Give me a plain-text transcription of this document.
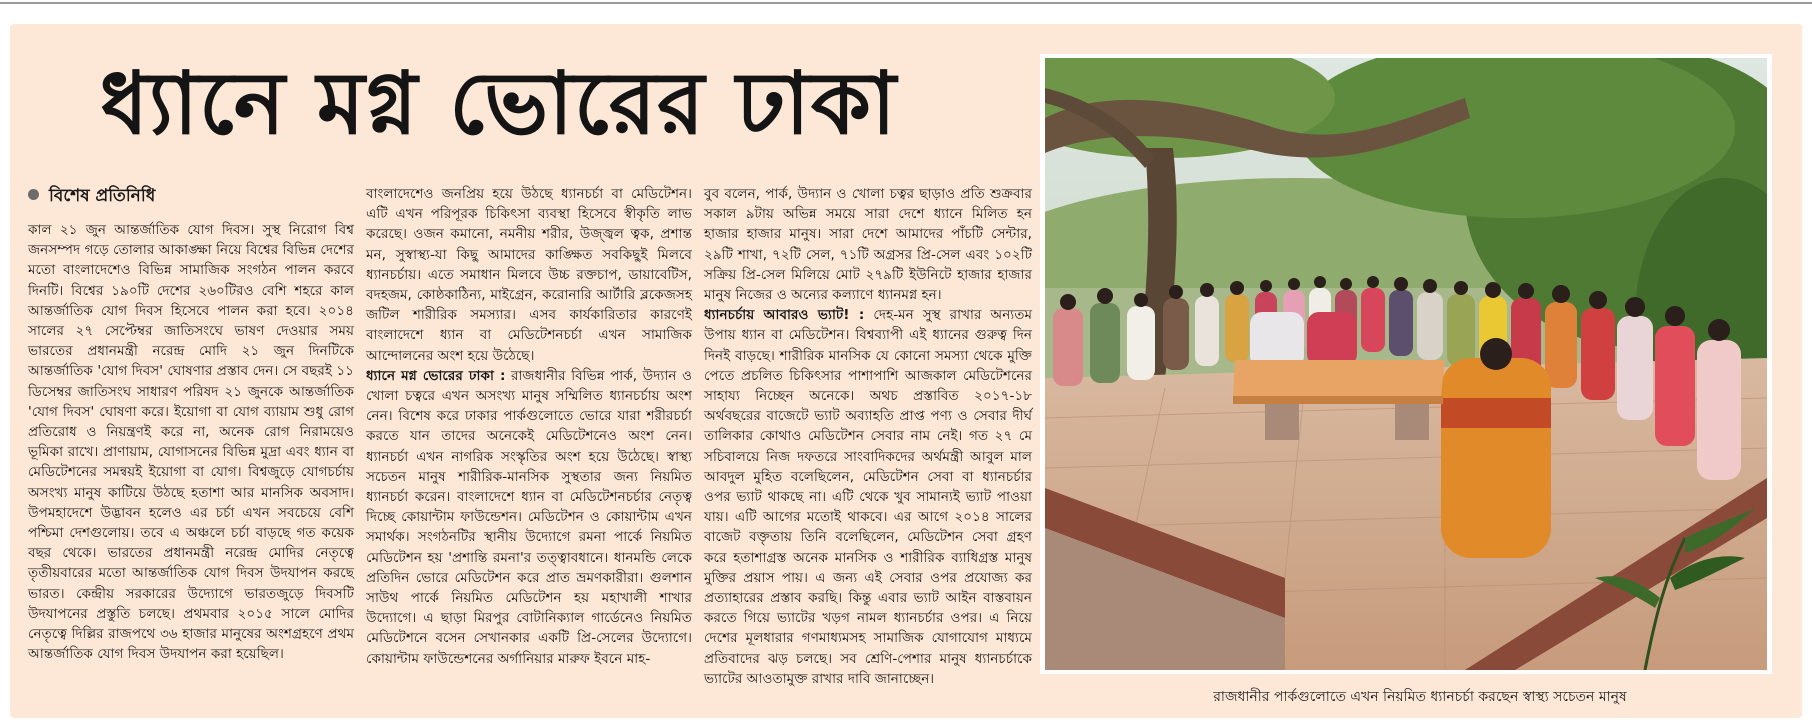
ধ্যানে মগ্ন ভোরের ঢাকা
বিশেষ প্রতিনিধি

কাল ২১ জুন আন্তর্জাতিক যোগ দিবস। সুস্থ নিরোগ বিশ্ব জনসম্পদ গড়ে তোলার আকাঙ্ক্ষা নিয়ে বিশ্বের বিভিন্ন দেশের মতো বাংলাদেশেও বিভিন্ন সামাজিক সংগঠন পালন করবে দিনটি। বিশ্বের ১৯০টি দেশের ২৬০টিরও বেশি শহরে কাল আন্তর্জাতিক যোগ দিবস হিসেবে পালন করা হবে। ২০১৪ সালের ২৭ সেপ্টেম্বর জাতিসংঘে ভাষণ দেওয়ার সময় ভারতের প্রধানমন্ত্রী নরেন্দ্র মোদি ২১ জুন দিনটিকে আন্তর্জাতিক 'যোগ দিবস' ঘোষণার প্রস্তাব দেন। সে বছরই ১১ ডিসেম্বর জাতিসংঘ সাধারণ পরিষদ ২১ জুনকে আন্তর্জাতিক 'যোগ দিবস' ঘোষণা করে। ইয়োগা বা যোগ ব্যায়াম শুধু রোগ প্রতিরোধ ও নিয়ন্ত্রণই করে না, অনেক রোগ নিরাময়েও ভূমিকা রাখে। প্রাণায়াম, যোগাসনের বিভিন্ন মুদ্রা এবং ধ্যান বা মেডিটেশনের সমন্বয়ই ইয়োগা বা যোগ। বিশ্বজুড়ে যোগচর্চায় অসংখ্য মানুষ কাটিয়ে উঠছে হতাশা আর মানসিক অবসাদ। উপমহাদেশে উদ্ভাবন হলেও এর চর্চা এখন সবচেয়ে বেশি পশ্চিমা দেশগুলোয়। তবে এ অঞ্চলে চর্চা বাড়ছে গত কয়েক বছর থেকে। ভারতের প্রধানমন্ত্রী নরেন্দ্র মোদির নেতৃত্বে তৃতীয়বারের মতো আন্তর্জাতিক যোগ দিবস উদযাপন করছে ভারত। কেন্দ্রীয় সরকারের উদ্যোগে ভারতজুড়ে দিবসটি উদযাপনের প্রস্তুতি চলছে। প্রথমবার ২০১৫ সালে মোদির নেতৃত্বে দিল্লির রাজপথে ৩৬ হাজার মানুষের অংশগ্রহণে প্রথম আন্তর্জাতিক যোগ দিবস উদযাপন করা হয়েছিল।

বাংলাদেশেও জনপ্রিয় হয়ে উঠছে ধ্যানচর্চা বা মেডিটেশন। এটি এখন পরিপূরক চিকিৎসা ব্যবস্থা হিসেবে স্বীকৃতি লাভ করেছে। ওজন কমানো, নমনীয় শরীর, উজ্জ্বল ত্বক, প্রশান্ত মন, সুস্বাস্থ্য-যা কিছু আমাদের কাঙ্ক্ষিত সবকিছুই মিলবে ধ্যানচর্চায়। এতে সমাধান মিলবে উচ্চ রক্তচাপ, ডায়াবেটিস, বদহজম, কোষ্ঠকাঠিন্য, মাইগ্রেন, করোনারি আর্টারি ব্লকেজসহ জটিল শারীরিক সমস্যার। এসব কার্যকারিতার কারণেই বাংলাদেশে ধ্যান বা মেডিটেশনচর্চা এখন সামাজিক আন্দোলনের অংশ হয়ে উঠেছে।

ধ্যানে মগ্ন ভোরের ঢাকা : রাজধানীর বিভিন্ন পার্ক, উদ্যান ও খোলা চত্বরে এখন অসংখ্য মানুষ সম্মিলিত ধ্যানচর্চায় অংশ নেন। বিশেষ করে ঢাকার পার্কগুলোতে ভোরে যারা শরীরচর্চা করতে যান তাদের অনেকেই মেডিটেশনেও অংশ নেন। ধ্যানচর্চা এখন নাগরিক সংস্কৃতির অংশ হয়ে উঠেছে। স্বাস্থ্য সচেতন মানুষ শারীরিক-মানসিক সুস্থতার জন্য নিয়মিত ধ্যানচর্চা করেন। বাংলাদেশে ধ্যান বা মেডিটেশনচর্চার নেতৃত্ব দিচ্ছে কোয়ান্টাম ফাউন্ডেশন। মেডিটেশন ও কোয়ান্টাম এখন সমার্থক। সংগঠনটির স্থানীয় উদ্যোগে রমনা পার্কে নিয়মিত মেডিটেশন হয় 'প্রশান্তি রমনা'র তত্ত্বাবধানে। ধানমন্ডি লেকে প্রতিদিন ভোরে মেডিটেশন করে প্রাত ভ্রমণকারীরা। গুলশান সাউথ পার্কে নিয়মিত মেডিটেশন হয় মহাখালী শাখার উদ্যোগে। এ ছাড়া মিরপুর বোটানিক্যাল গার্ডেনেও নিয়মিত মেডিটেশনে বসেন সেখানকার একটি প্রি-সেলের উদ্যোগে। কোয়ান্টাম ফাউন্ডেশনের অর্গানিয়ার মারুফ ইবনে মাহ-

বুব বলেন, পার্ক, উদ্যান ও খোলা চত্বর ছাড়াও প্রতি শুক্রবার সকাল ৯টায় অভিন্ন সময়ে সারা দেশে ধ্যানে মিলিত হন হাজার হাজার মানুষ। সারা দেশে আমাদের পাঁচটি সেন্টার, ২৯টি শাখা, ৭২টি সেল, ৭১টি অগ্রসর প্রি-সেল এবং ১০২টি সক্রিয় প্রি-সেল মিলিয়ে মোট ২৭৯টি ইউনিটে হাজার হাজার মানুষ নিজের ও অন্যের কল্যাণে ধ্যানমগ্ন হন।

ধ্যানচর্চায় আবারও ভ্যাট! : দেহ-মন সুস্থ রাখার অন্যতম উপায় ধ্যান বা মেডিটেশন। বিশ্বব্যাপী এই ধ্যানের গুরুত্ব দিন দিনই বাড়ছে। শারীরিক মানসিক যে কোনো সমস্যা থেকে মুক্তি পেতে প্রচলিত চিকিৎসার পাশাপাশি আজকাল মেডিটেশনের সাহায্য নিচ্ছেন অনেকে। অথচ প্রস্তাবিত ২০১৭-১৮ অর্থবছরের বাজেটে ভ্যাট অব্যাহতি প্রাপ্ত পণ্য ও সেবার দীর্ঘ তালিকার কোথাও মেডিটেশন সেবার নাম নেই। গত ২৭ মে সচিবালয়ে নিজ দফতরে সাংবাদিকদের অর্থমন্ত্রী আবুল মাল আবদুল মুহিত বলেছিলেন, মেডিটেশন সেবা বা ধ্যানচর্চার ওপর ভ্যাট থাকছে না। এটি থেকে খুব সামান্যই ভ্যাট পাওয়া যায়। এটি আগের মতোই থাকবে। এর আগে ২০১৪ সালের বাজেট বক্তৃতায় তিনি বলেছিলেন, মেডিটেশন সেবা গ্রহণ করে হতাশাগ্রস্ত অনেক মানসিক ও শারীরিক ব্যাধিগ্রস্ত মানুষ মুক্তির প্রয়াস পায়। এ জন্য এই সেবার ওপর প্রযোজ্য কর প্রত্যাহারের প্রস্তাব করছি। কিন্তু এবার ভ্যাট আইন বাস্তবায়ন করতে গিয়ে ভ্যাটের খড়গ নামল ধ্যানচর্চার ওপর। এ নিয়ে দেশের মূলধারার গণমাধ্যমসহ সামাজিক যোগাযোগ মাধ্যমে প্রতিবাদের ঝড় চলছে। সব শ্রেণি-পেশার মানুষ ধ্যানচর্চাকে ভ্যাটের আওতামুক্ত রাখার দাবি জানাচ্ছেন।

রাজধানীর পার্কগুলোতে এখন নিয়মিত ধ্যানচর্চা করছেন স্বাস্থ্য সচেতন মানুষ
